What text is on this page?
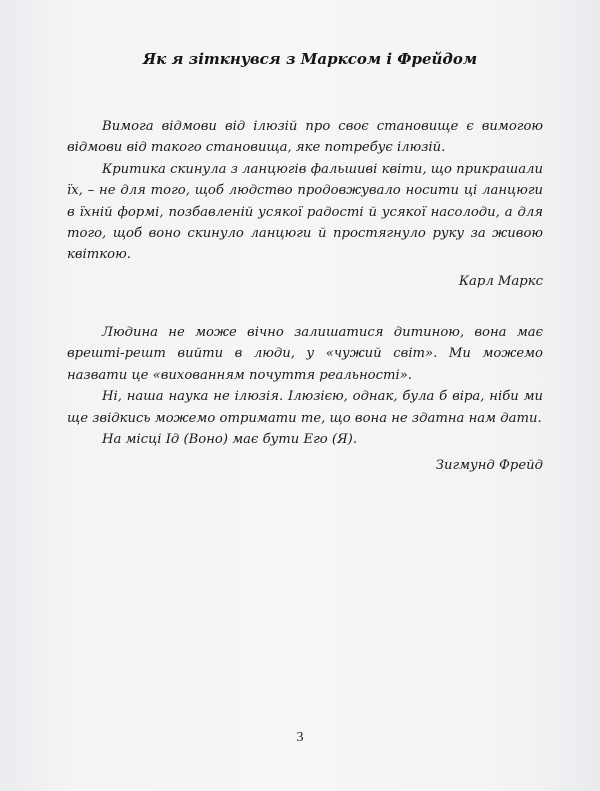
Як я зіткнувся з Марксом і Фрейдом

Вимога відмови від ілюзій про своє становище є вимогою відмови від такого становища, яке потребує ілюзій.

Критика скинула з ланцюгів фальшиві квіти, що прикрашали їх, – не для того, щоб людство продовжувало носити ці ланцюги в їхній формі, позбавленій усякої радості й усякої насолоди, а для того, щоб воно скинуло ланцюги й простягнуло руку за живою квіткою.

Карл Маркс

Людина не може вічно залишатися дитиною, вона має врешті-решт вийти в люди, у «чужий світ». Ми можемо назвати це «вихованням почуття реальності».

Ні, наша наука не ілюзія. Ілюзією, однак, була б віра, ніби ми ще звідкись можемо отримати те, що вона не здатна нам дати.

На місці Ід (Воно) має бути Его (Я).

Зигмунд Фрейд

3
